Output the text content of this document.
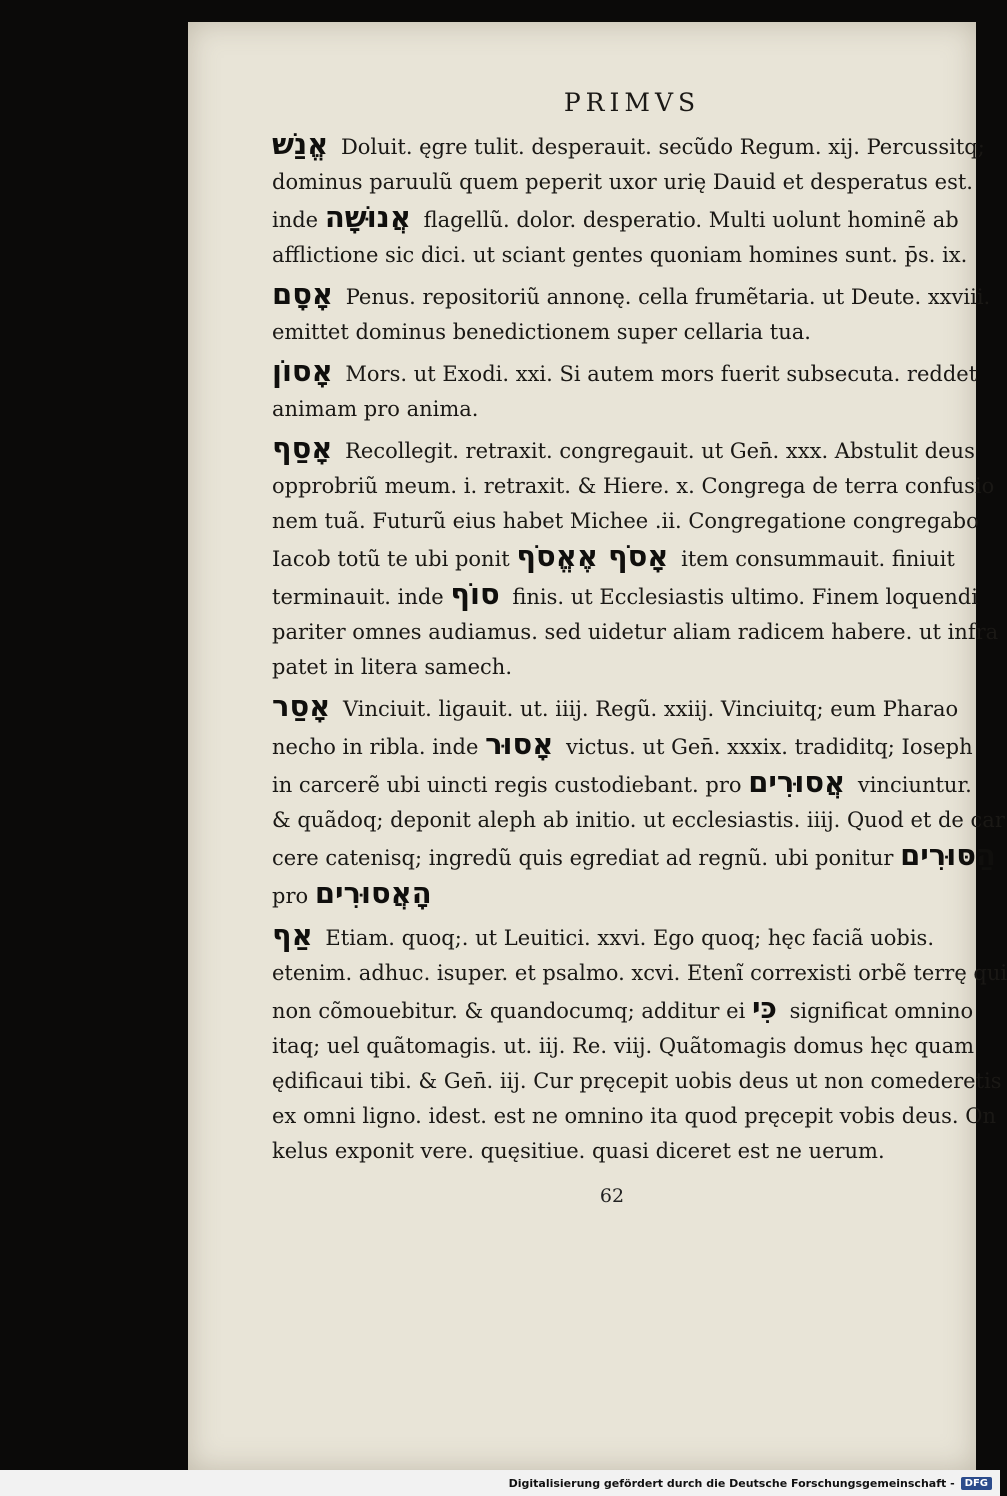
PRIMVS
אֱנַשׁ Doluit. ęgre tulit. desperauit. secũdo Regum. xij. Percussitq;
dominus paruulũ quem peperit uxor urię Dauid et desperatus est.
inde אֲנוּשָׁה flagellũ. dolor. desperatio. Multi uolunt hominẽ ab
afflictione sic dici. ut sciant gentes quoniam homines sunt. p̄s. ix.
אָסָם Penus. repositoriũ annonę. cella frumẽtaria. ut Deute. xxviii.
emittet dominus benedictionem super cellaria tua.
אָסוֹן Mors. ut Exodi. xxi. Si autem mors fuerit subsecuta. reddet
animam pro anima.
אָסַף Recollegit. retraxit. congregauit. ut Gen̄. xxx. Abstulit deus
opprobriũ meum. i. retraxit. & Hiere. x. Congrega de terra confusio
nem tuã. Futurũ eius habet Michee .ii. Congregatione congregabo
Iacob totũ te ubi ponit אָסֹף אֶאֱסֹף item consummauit. finiuit
terminauit. inde סוֹף finis. ut Ecclesiastis ultimo. Finem loquendi
pariter omnes audiamus. sed uidetur aliam radicem habere. ut infra
patet in litera samech.
אָסַר Vinciuit. ligauit. ut. iiij. Regũ. xxiij. Vinciuitq; eum Pharao
necho in ribla. inde אָסוּר victus. ut Gen̄. xxxix. tradiditq; Ioseph
in carcerẽ ubi uincti regis custodiebant. pro אֲסוּרִים vinciuntur.
& quãdoq; deponit aleph ab initio. ut ecclesiastis. iiij. Quod et de car
cere catenisq; ingredũ quis egrediat ad regnũ. ubi ponitur הַסּוּרִים
pro הָאֲסוּרִים
אַף Etiam. quoq;. ut Leuitici. xxvi. Ego quoq; hęc faciã uobis.
etenim. adhuc. isuper. et psalmo. xcvi. Etenĩ correxisti orbẽ terrę qui
non cõmouebitur. & quandocumq; additur ei כִּי significat omnino
itaq; uel quãtomagis. ut. iij. Re. viij. Quãtomagis domus hęc quam
ędificaui tibi. & Gen̄. iij. Cur pręcepit uobis deus ut non comederetis
ex omni ligno. idest. est ne omnino ita quod pręcepit vobis deus. On
kelus exponit vere. quęsitiue. quasi diceret est ne uerum.
62
Digitalisierung gefördert durch die Deutsche Forschungsgemeinschaft -	DFG
